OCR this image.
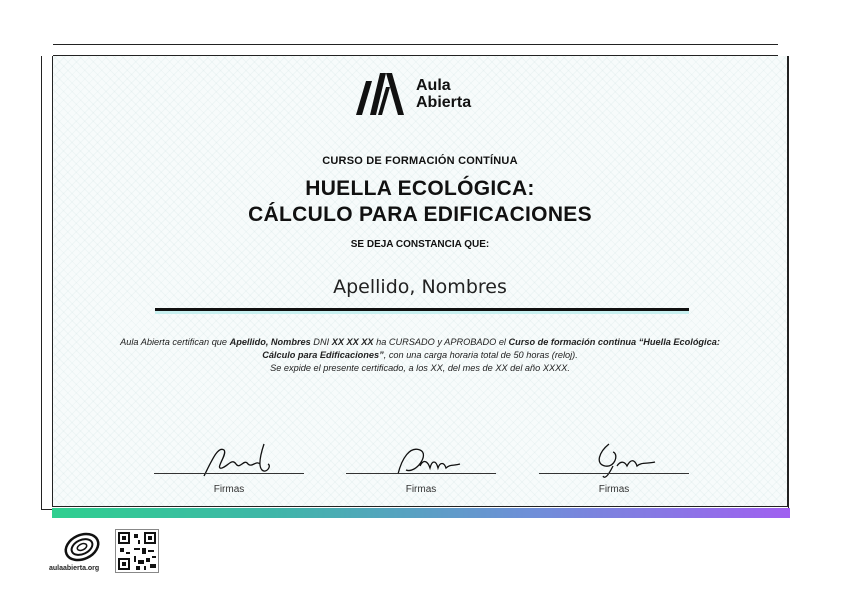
Aula
Abierta
CURSO DE FORMACIÓN CONTÍNUA
HUELLA ECOLÓGICA:
CÁLCULO PARA EDIFICACIONES
SE DEJA CONSTANCIA QUE:
Apellido, Nombres
Aula Abierta certifican que Apellido, Nombres DNI XX XX XX ha CURSADO y APROBADO el Curso de formación continua “Huella Ecológica: Cálculo para Edificaciones”, con una carga horaria total de 50 horas (reloj).
Se expide el presente certificado, a los XX, del mes de XX del año XXXX.
Firmas	Firmas	Firmas
aulaabierta.org
